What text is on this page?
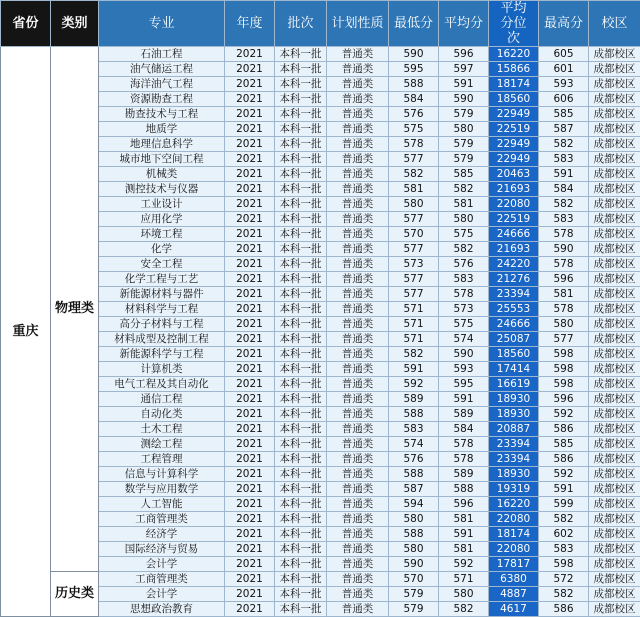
省份	类别	专业	年度	批次	计划性质	最低分	平均分	平均分位次	最高分	校区
重庆	物理类	石油工程	2021	本科一批	普通类	590	596	16220	605	成都校区
		油气储运工程	2021	本科一批	普通类	595	597	15866	601	成都校区
		海洋油气工程	2021	本科一批	普通类	588	591	18174	593	成都校区
		资源勘查工程	2021	本科一批	普通类	584	590	18560	606	成都校区
		勘查技术与工程	2021	本科一批	普通类	576	579	22949	585	成都校区
		地质学	2021	本科一批	普通类	575	580	22519	587	成都校区
		地理信息科学	2021	本科一批	普通类	578	579	22949	582	成都校区
		城市地下空间工程	2021	本科一批	普通类	577	579	22949	583	成都校区
		机械类	2021	本科一批	普通类	582	585	20463	591	成都校区
		测控技术与仪器	2021	本科一批	普通类	581	582	21693	584	成都校区
		工业设计	2021	本科一批	普通类	580	581	22080	582	成都校区
		应用化学	2021	本科一批	普通类	577	580	22519	583	成都校区
		环境工程	2021	本科一批	普通类	570	575	24666	578	成都校区
		化学	2021	本科一批	普通类	577	582	21693	590	成都校区
		安全工程	2021	本科一批	普通类	573	576	24220	578	成都校区
		化学工程与工艺	2021	本科一批	普通类	577	583	21276	596	成都校区
		新能源材料与器件	2021	本科一批	普通类	577	578	23394	581	成都校区
		材料科学与工程	2021	本科一批	普通类	571	573	25553	578	成都校区
		高分子材料与工程	2021	本科一批	普通类	571	575	24666	580	成都校区
		材料成型及控制工程	2021	本科一批	普通类	571	574	25087	577	成都校区
		新能源科学与工程	2021	本科一批	普通类	582	590	18560	598	成都校区
		计算机类	2021	本科一批	普通类	591	593	17414	598	成都校区
		电气工程及其自动化	2021	本科一批	普通类	592	595	16619	598	成都校区
		通信工程	2021	本科一批	普通类	589	591	18930	596	成都校区
		自动化类	2021	本科一批	普通类	588	589	18930	592	成都校区
		土木工程	2021	本科一批	普通类	583	584	20887	586	成都校区
		测绘工程	2021	本科一批	普通类	574	578	23394	585	成都校区
		工程管理	2021	本科一批	普通类	576	578	23394	586	成都校区
		信息与计算科学	2021	本科一批	普通类	588	589	18930	592	成都校区
		数学与应用数学	2021	本科一批	普通类	587	588	19319	591	成都校区
		人工智能	2021	本科一批	普通类	594	596	16220	599	成都校区
		工商管理类	2021	本科一批	普通类	580	581	22080	582	成都校区
		经济学	2021	本科一批	普通类	588	591	18174	602	成都校区
		国际经济与贸易	2021	本科一批	普通类	580	581	22080	583	成都校区
		会计学	2021	本科一批	普通类	590	592	17817	598	成都校区
	历史类	工商管理类	2021	本科一批	普通类	570	571	6380	572	成都校区
		会计学	2021	本科一批	普通类	579	580	4887	582	成都校区
		思想政治教育	2021	本科一批	普通类	579	582	4617	586	成都校区
